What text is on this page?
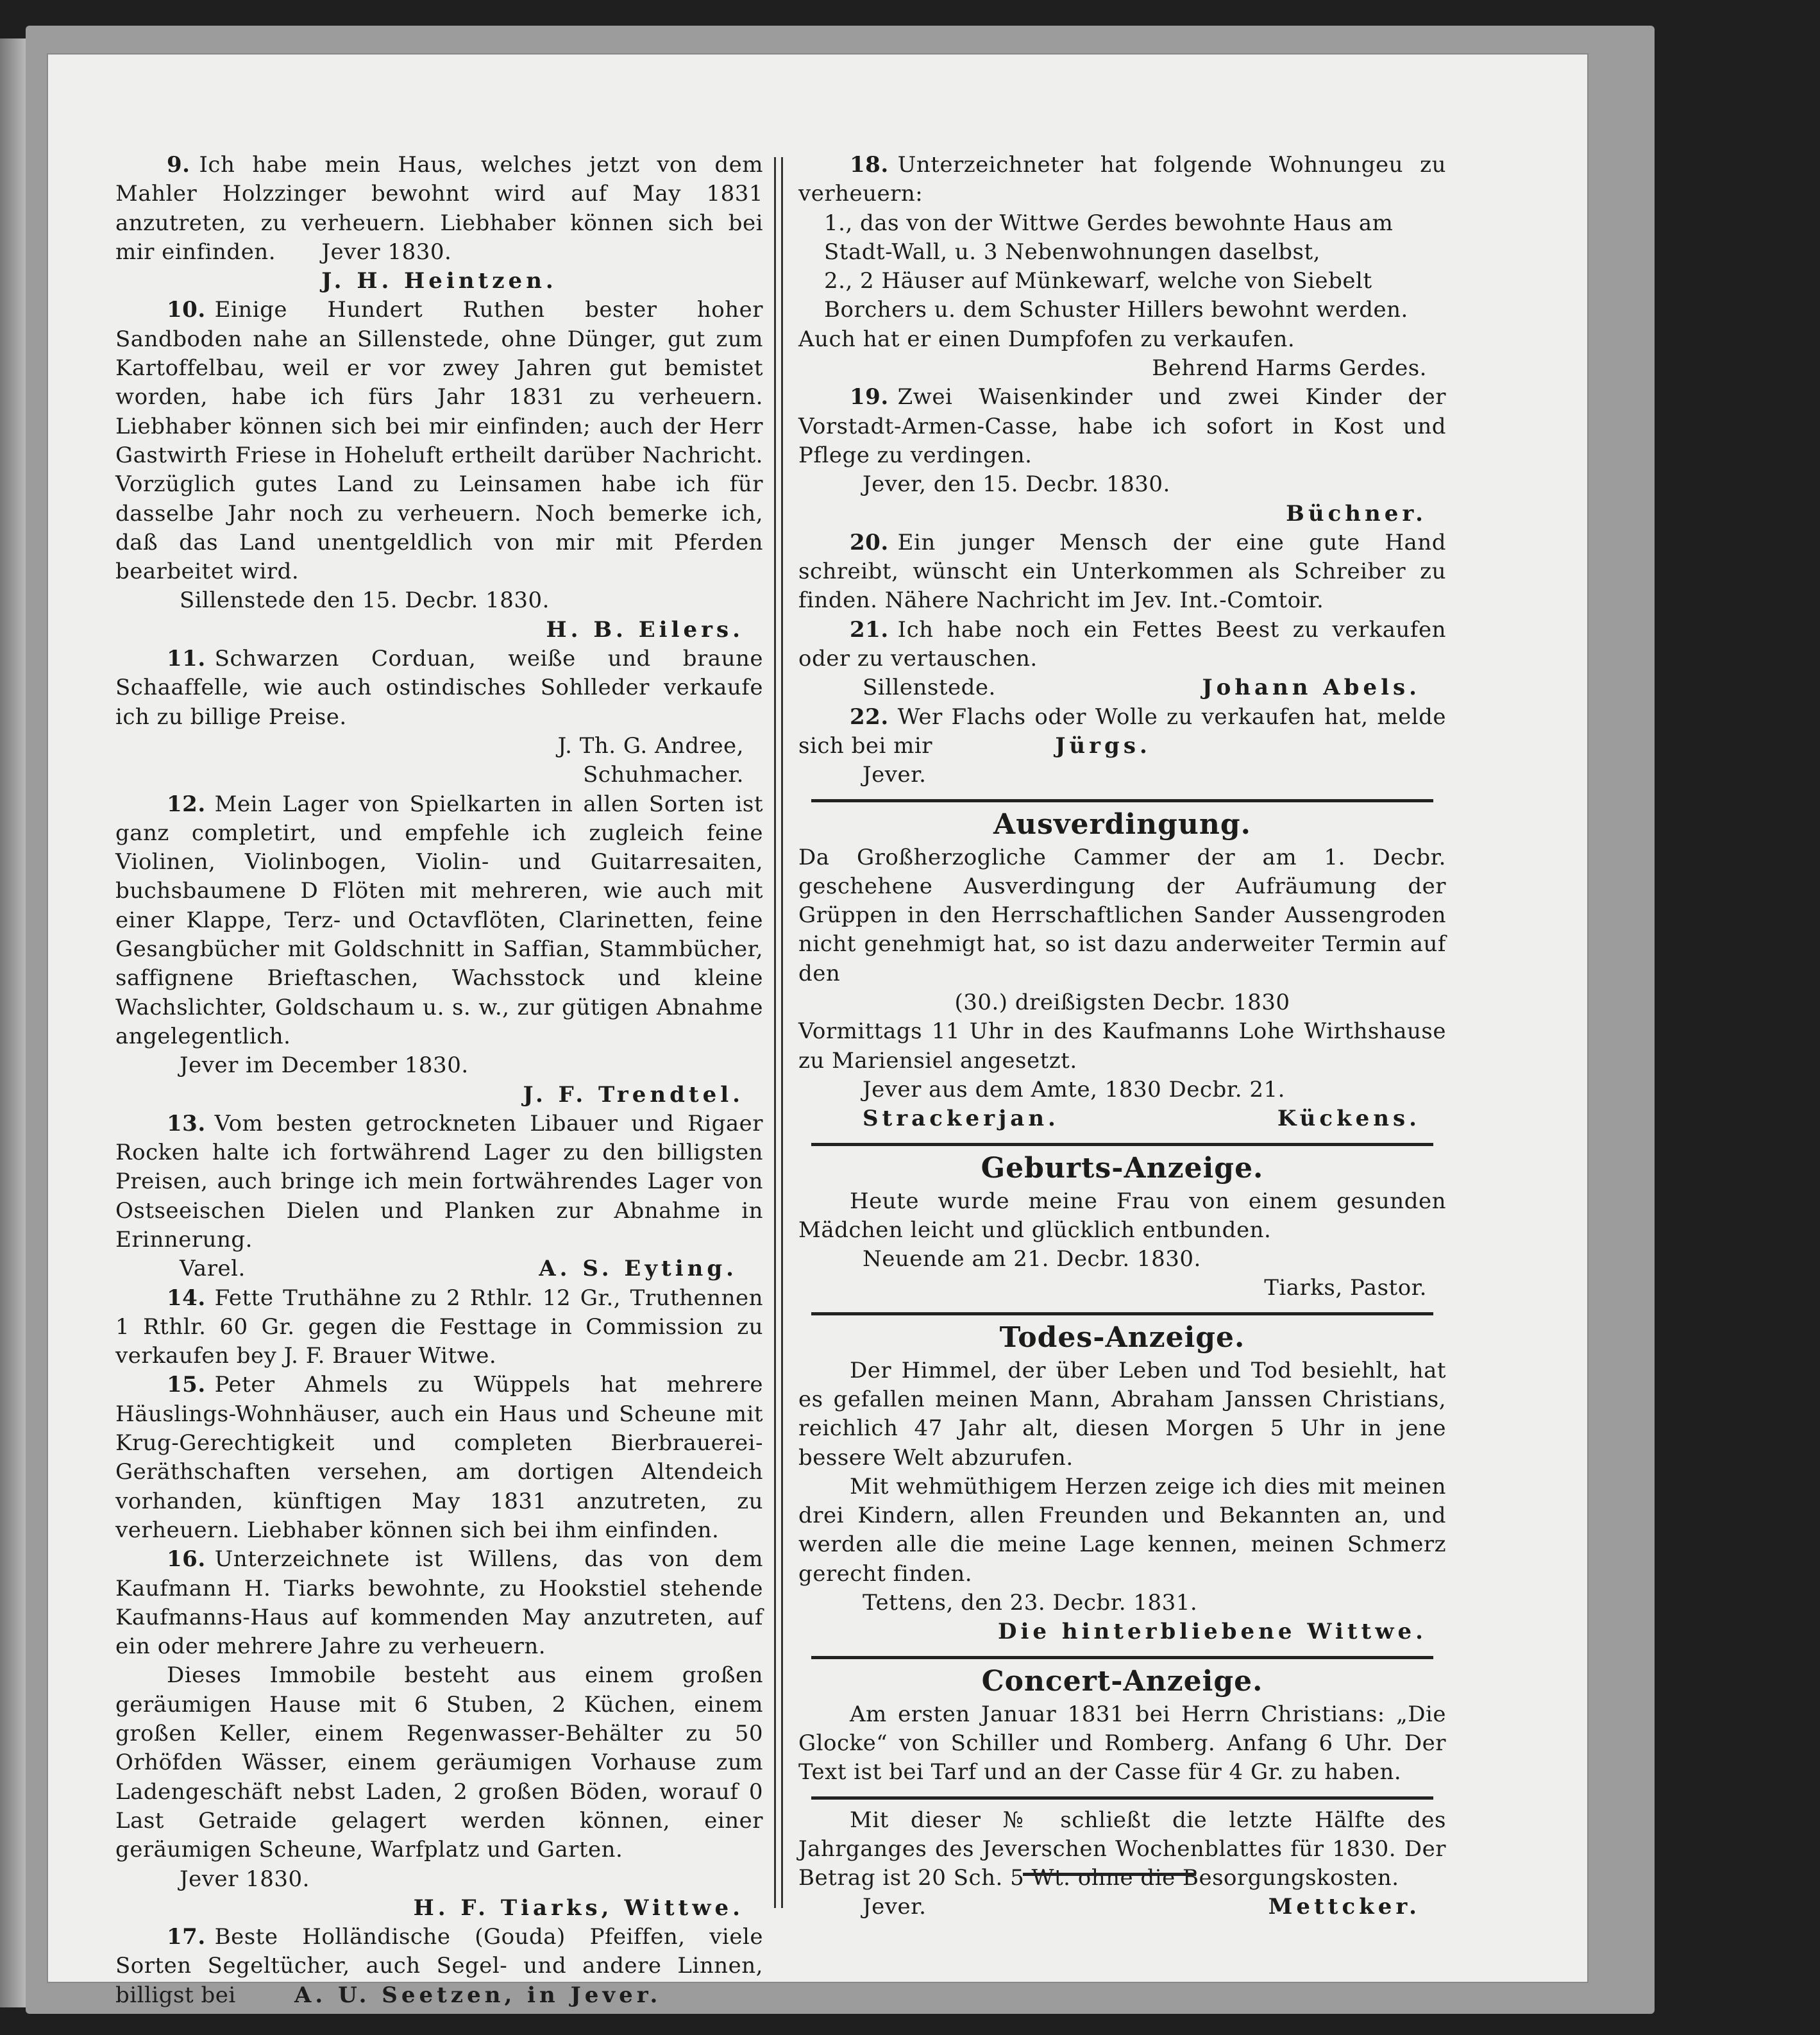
9. Ich habe mein Haus, welches jetzt von dem Mahler Holzzinger bewohnt wird auf May 1831 anzutreten, zu verheuern. Liebhaber können sich bei mir einfinden. Jever 1830.

J. H. Heintzen.

10. Einige Hundert Ruthen bester hoher Sandboden nahe an Sillenstede, ohne Dünger, gut zum Kartoffelbau, weil er vor zwey Jahren gut bemistet worden, habe ich fürs Jahr 1831 zu verheuern. Liebhaber können sich bei mir einfinden; auch der Herr Gastwirth Friese in Hoheluft ertheilt darüber Nachricht. Vorzüglich gutes Land zu Leinsamen habe ich für dasselbe Jahr noch zu verheuern. Noch bemerke ich, daß das Land unentgeldlich von mir mit Pferden bearbeitet wird.

Sillenstede den 15. Decbr. 1830.

H. B. Eilers.

11. Schwarzen Corduan, weiße und braune Schaaffelle, wie auch ostindisches Sohlleder verkaufe ich zu billige Preise.

J. Th. G. Andree,

Schuhmacher.

12. Mein Lager von Spielkarten in allen Sorten ist ganz completirt, und empfehle ich zugleich feine Violinen, Violinbogen, Violin- und Guitarresaiten, buchsbaumene D Flöten mit mehreren, wie auch mit einer Klappe, Terz- und Octavflöten, Clarinetten, feine Gesangbücher mit Goldschnitt in Saffian, Stammbücher, saffignene Brieftaschen, Wachsstock und kleine Wachslichter, Goldschaum u. s. w., zur gütigen Abnahme angelegentlich.

Jever im December 1830.

J. F. Trendtel.

13. Vom besten getrockneten Libauer und Rigaer Rocken halte ich fortwährend Lager zu den billigsten Preisen, auch bringe ich mein fortwährendes Lager von Ostseeischen Dielen und Planken zur Abnahme in Erinnerung.

Varel.	A. S. Eyting.

14. Fette Truthähne zu 2 Rthlr. 12 Gr., Truthennen 1 Rthlr. 60 Gr. gegen die Festtage in Commission zu verkaufen bey J. F. Brauer Witwe.

15. Peter Ahmels zu Wüppels hat mehrere Häuslings-Wohnhäuser, auch ein Haus und Scheune mit Krug-Gerechtigkeit und completen Bierbrauerei-Geräthschaften versehen, am dortigen Altendeich vorhanden, künftigen May 1831 anzutreten, zu verheuern. Liebhaber können sich bei ihm einfinden.

16. Unterzeichnete ist Willens, das von dem Kaufmann H. Tiarks bewohnte, zu Hookstiel stehende Kaufmanns-Haus auf kommenden May anzutreten, auf ein oder mehrere Jahre zu verheuern.

Dieses Immobile besteht aus einem großen geräumigen Hause mit 6 Stuben, 2 Küchen, einem großen Keller, einem Regenwasser-Behälter zu 50 Orhöfden Wässer, einem geräumigen Vorhause zum Ladengeschäft nebst Laden, 2 großen Böden, worauf 0 Last Getraide gelagert werden können, einer geräumigen Scheune, Warfplatz und Garten.

Jever 1830.

H. F. Tiarks, Wittwe.

17. Beste Holländische (Gouda) Pfeiffen, viele Sorten Segeltücher, auch Segel- und andere Linnen, billigst bei	A. U. Seetzen, in Jever.

18. Unterzeichneter hat folgende Wohnungeu zu verheuern:

1., das von der Wittwe Gerdes bewohnte Haus am Stadt-Wall, u. 3 Nebenwohnungen daselbst,

2., 2 Häuser auf Münkewarf, welche von Siebelt Borchers u. dem Schuster Hillers bewohnt werden.

Auch hat er einen Dumpfofen zu verkaufen.

Behrend Harms Gerdes.

19. Zwei Waisenkinder und zwei Kinder der Vorstadt-Armen-Casse, habe ich sofort in Kost und Pflege zu verdingen.

Jever, den 15. Decbr. 1830.

Büchner.

20. Ein junger Mensch der eine gute Hand schreibt, wünscht ein Unterkommen als Schreiber zu finden. Nähere Nachricht im Jev. Int.-Comtoir.

21. Ich habe noch ein Fettes Beest zu verkaufen oder zu vertauschen.

Sillenstede.	Johann Abels.

22. Wer Flachs oder Wolle zu verkaufen hat, melde sich bei mir	Jürgs.

Jever.

Ausverdingung.

Da Großherzogliche Cammer der am 1. Decbr. geschehene Ausverdingung der Aufräumung der Grüppen in den Herrschaftlichen Sander Aussengroden nicht genehmigt hat, so ist dazu anderweiter Termin auf den

(30.) dreißigsten Decbr. 1830

Vormittags 11 Uhr in des Kaufmanns Lohe Wirthshause zu Mariensiel angesetzt.

Jever aus dem Amte, 1830 Decbr. 21.

Strackerjan.	Kückens.

Geburts-Anzeige.

Heute wurde meine Frau von einem gesunden Mädchen leicht und glücklich entbunden.

Neuende am 21. Decbr. 1830.

Tiarks, Pastor.

Todes-Anzeige.

Der Himmel, der über Leben und Tod besiehlt, hat es gefallen meinen Mann, Abraham Janssen Christians, reichlich 47 Jahr alt, diesen Morgen 5 Uhr in jene bessere Welt abzurufen.

Mit wehmüthigem Herzen zeige ich dies mit meinen drei Kindern, allen Freunden und Bekannten an, und werden alle die meine Lage kennen, meinen Schmerz gerecht finden.

Tettens, den 23. Decbr. 1831.

Die hinterbliebene Wittwe.

Concert-Anzeige.

Am ersten Januar 1831 bei Herrn Christians: „Die Glocke“ von Schiller und Romberg. Anfang 6 Uhr. Der Text ist bei Tarf und an der Casse für 4 Gr. zu haben.

Mit dieser № schließt die letzte Hälfte des Jahrganges des Jeverschen Wochenblattes für 1830. Der Betrag ist 20 Sch. 5 Wt. ohne die Besorgungskosten.

Jever.	Mettcker.
